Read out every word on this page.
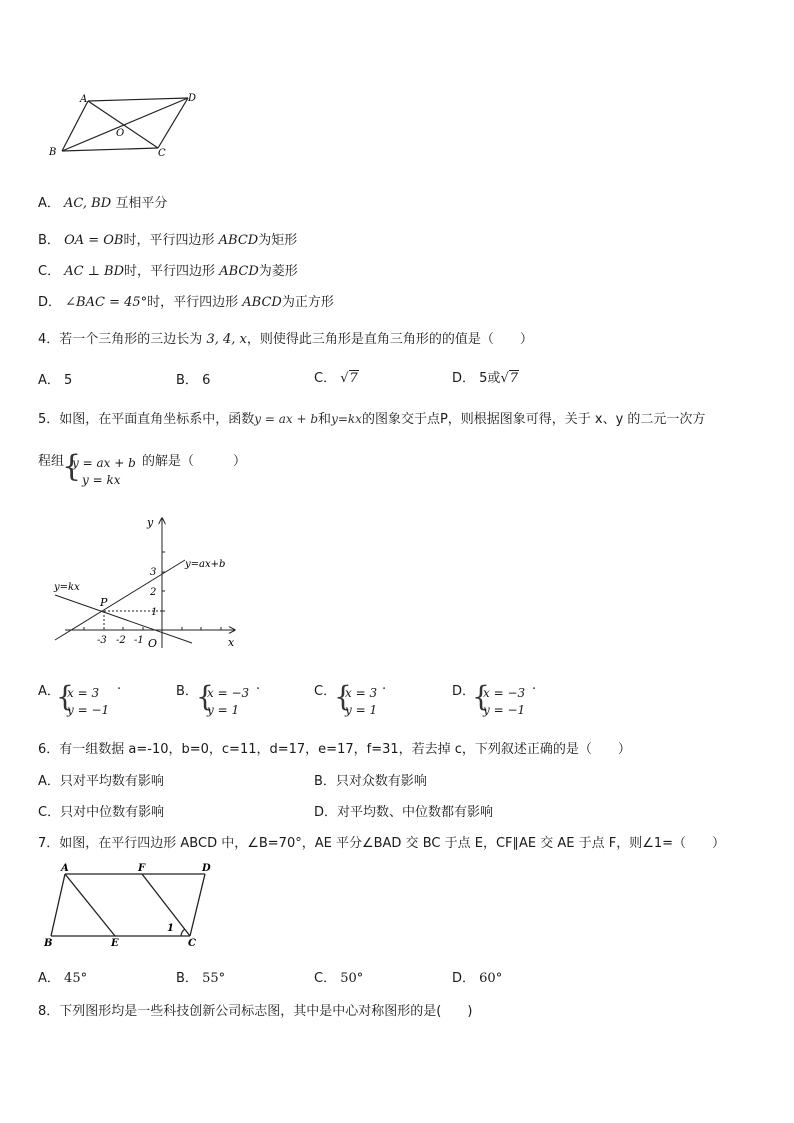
A	D
O
B	C
A． AC, BD 互相平分
B． OA = OB时，平行四边形 ABCD为矩形
C． AC ⊥ BD时，平行四边形 ABCD为菱形
D． ∠BAC = 45°时，平行四边形 ABCD为正方形
4．若一个三角形的三边长为 3, 4, x，则使得此三角形是直角三角形的的值是（　　）
A． 5	B． 6	C． √7	D． 5或√7
5．如图，在平面直角坐标系中，函数y = ax + b和y=kx的图象交于点P，则根据图象可得，关于 x、y 的二元一次方
程组
{
y = ax + b
y = kx
的解是（　　　）
y
x
O
P
y=ax+b
y=kx
3
2
1
-3 -2 -1
A．
{
x = 3
y = −1
·	B．
{
x = −3
y = 1
·	C．
{
x = 3
y = 1
·	D．
{
x = −3
y = −1
·
6．有一组数据 a=-10，b=0，c=11，d=17，e=17，f=31，若去掉 c，下列叙述正确的是（　　）
A．只对平均数有影响	B．只对众数有影响
C．只对中位数有影响	D．对平均数、中位数都有影响
7．如图，在平行四边形 ABCD 中，∠B=70°，AE 平分∠BAD 交 BC 于点 E，CF∥AE 交 AE 于点 F，则∠1=（　　）
A	F	D
B	E	C
1
A． 45°	B． 55°	C． 50°	D． 60°
8．下列图形均是一些科技创新公司标志图，其中是中心对称图形的是(　　)
